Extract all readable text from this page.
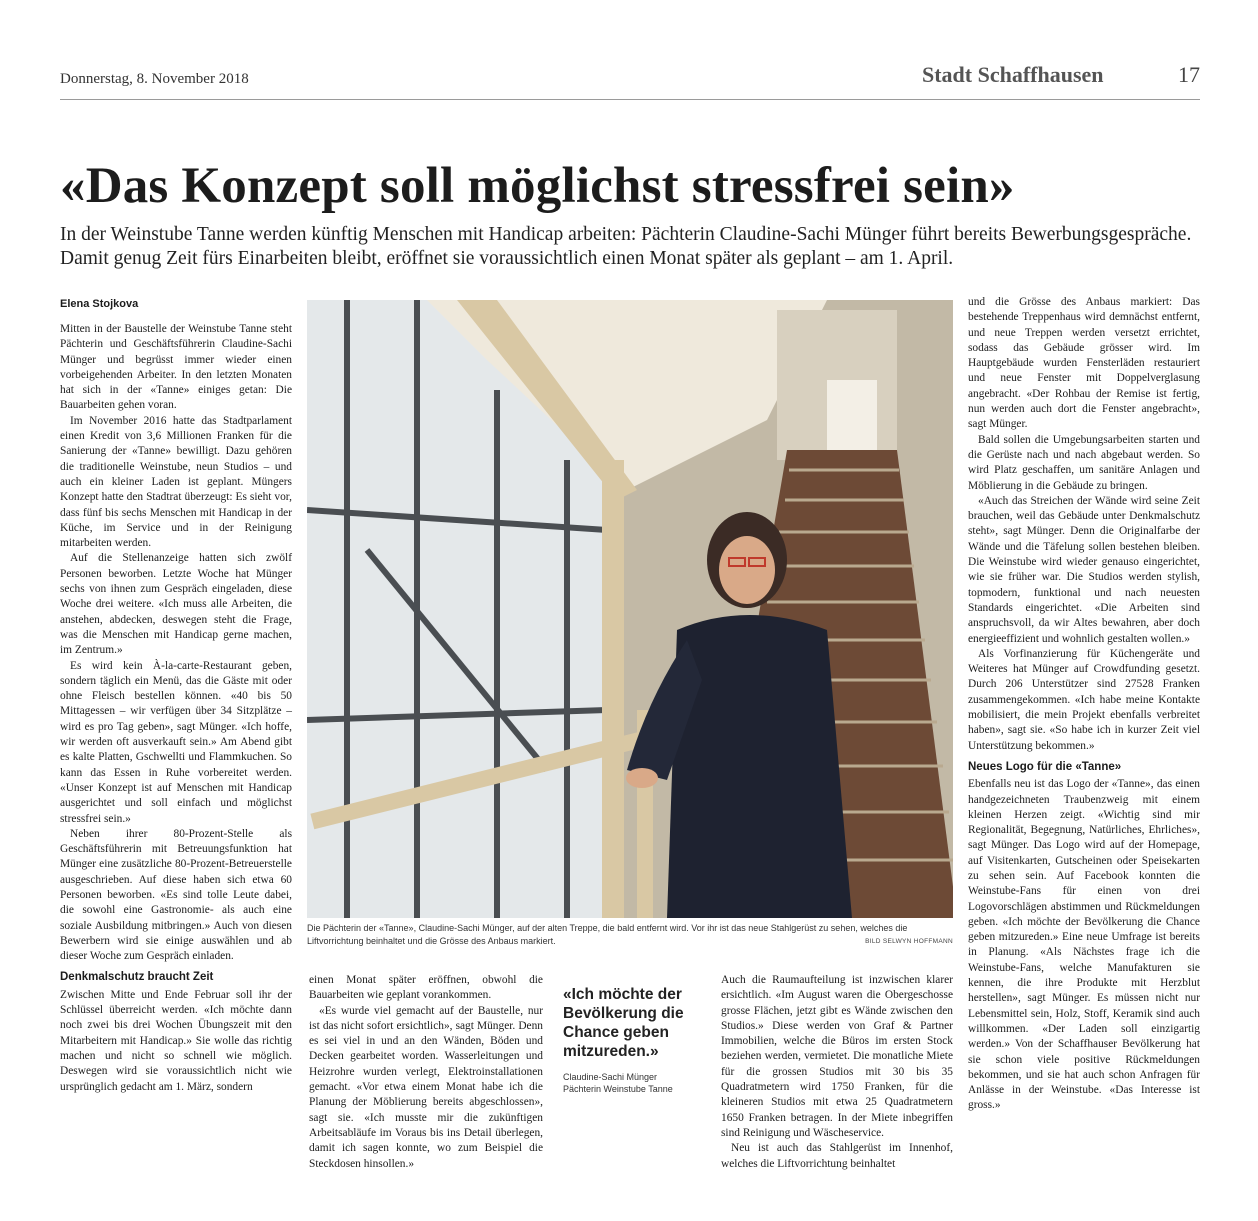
Donnerstag, 8. November 2018	Stadt Schaffhausen	17
«Das Konzept soll möglichst stressfrei sein»
In der Weinstube Tanne werden künftig Menschen mit Handicap arbeiten: Pächterin Claudine-Sachi Münger führt bereits Bewerbungsgespräche. Damit genug Zeit fürs Einarbeiten bleibt, eröffnet sie voraussichtlich einen Monat später als geplant – am 1. April.
Elena Stojkova

Mitten in der Baustelle der Weinstube Tanne steht Pächterin und Geschäftsführerin Claudine-Sachi Münger und begrüsst immer wieder einen vorbeigehenden Arbeiter. In den letzten Monaten hat sich in der «Tanne» einiges getan: Die Bauarbeiten gehen voran.

Im November 2016 hatte das Stadtparlament einen Kredit von 3,6 Millionen Franken für die Sanierung der «Tanne» bewilligt. Dazu gehören die traditionelle Weinstube, neun Studios – und auch ein kleiner Laden ist geplant. Müngers Konzept hatte den Stadtrat überzeugt: Es sieht vor, dass fünf bis sechs Menschen mit Handicap in der Küche, im Service und in der Reinigung mitarbeiten werden.

Auf die Stellenanzeige hatten sich zwölf Personen beworben. Letzte Woche hat Münger sechs von ihnen zum Gespräch eingeladen, diese Woche drei weitere. «Ich muss alle Arbeiten, die anstehen, abdecken, deswegen steht die Frage, was die Menschen mit Handicap gerne machen, im Zentrum.»

Es wird kein À-la-carte-Restaurant geben, sondern täglich ein Menü, das die Gäste mit oder ohne Fleisch bestellen können. «40 bis 50 Mittagessen – wir verfügen über 34 Sitzplätze – wird es pro Tag geben», sagt Münger. «Ich hoffe, wir werden oft ausverkauft sein.» Am Abend gibt es kalte Platten, Gschwellti und Flammkuchen. So kann das Essen in Ruhe vorbereitet werden. «Unser Konzept ist auf Menschen mit Handicap ausgerichtet und soll einfach und möglichst stressfrei sein.»

Neben ihrer 80-Prozent-Stelle als Geschäftsführerin mit Betreuungsfunktion hat Münger eine zusätzliche 80-Prozent-Betreuerstelle ausgeschrieben. Auf diese haben sich etwa 60 Personen beworben. «Es sind tolle Leute dabei, die sowohl eine Gastronomie- als auch eine soziale Ausbildung mitbringen.» Auch von diesen Bewerbern wird sie einige auswählen und ab dieser Woche zum Gespräch einladen.

Denkmalschutz braucht Zeit

Zwischen Mitte und Ende Februar soll ihr der Schlüssel überreicht werden. «Ich möchte dann noch zwei bis drei Wochen Übungszeit mit den Mitarbeitern mit Handicap.» Sie wolle das richtig machen und nicht so schnell wie möglich. Deswegen wird sie voraussichtlich nicht wie ursprünglich gedacht am 1. März, sondern

Die Pächterin der «Tanne», Claudine-Sachi Münger, auf der alten Treppe, die bald entfernt wird. Vor ihr ist das neue Stahlgerüst zu sehen, welches die Liftvorrichtung beinhaltet und die Grösse des Anbaus markiert.	BILD SELWYN HOFFMANN

einen Monat später eröffnen, obwohl die Bauarbeiten wie geplant vorankommen.

«Es wurde viel gemacht auf der Baustelle, nur ist das nicht sofort ersichtlich», sagt Münger. Denn es sei viel in und an den Wänden, Böden und Decken gearbeitet worden. Wasserleitungen und Heizrohre wurden verlegt, Elektroinstallationen gemacht. «Vor etwa einem Monat habe ich die Planung der Möblierung bereits abgeschlossen», sagt sie. «Ich musste mir die zukünftigen Arbeitsabläufe im Voraus bis ins Detail überlegen, damit ich sagen konnte, wo zum Beispiel die Steckdosen hinsollen.»

«Ich möchte der Bevölkerung die Chance geben mitzureden.»
Claudine-Sachi Münger
Pächterin Weinstube Tanne

Auch die Raumaufteilung ist inzwischen klarer ersichtlich. «Im August waren die Obergeschosse grosse Flächen, jetzt gibt es Wände zwischen den Studios.» Diese werden von Graf & Partner Immobilien, welche die Büros im ersten Stock beziehen werden, vermietet. Die monatliche Miete für die grossen Studios mit 30 bis 35 Quadratmetern wird 1750 Franken, für die kleineren Studios mit etwa 25 Quadratmetern 1650 Franken betragen. In der Miete inbegriffen sind Reinigung und Wäscheservice.

Neu ist auch das Stahlgerüst im Innenhof, welches die Liftvorrichtung beinhaltet

und die Grösse des Anbaus markiert: Das bestehende Treppenhaus wird demnächst entfernt, und neue Treppen werden versetzt errichtet, sodass das Gebäude grösser wird. Im Hauptgebäude wurden Fensterläden restauriert und neue Fenster mit Doppelverglasung angebracht. «Der Rohbau der Remise ist fertig, nun werden auch dort die Fenster angebracht», sagt Münger.

Bald sollen die Umgebungsarbeiten starten und die Gerüste nach und nach abgebaut werden. So wird Platz geschaffen, um sanitäre Anlagen und Möblierung in die Gebäude zu bringen.

«Auch das Streichen der Wände wird seine Zeit brauchen, weil das Gebäude unter Denkmalschutz steht», sagt Münger. Denn die Originalfarbe der Wände und die Täfelung sollen bestehen bleiben. Die Weinstube wird wieder genauso eingerichtet, wie sie früher war. Die Studios werden stylish, topmodern, funktional und nach neuesten Standards eingerichtet. «Die Arbeiten sind anspruchsvoll, da wir Altes bewahren, aber doch energieeffizient und wohnlich gestalten wollen.»

Als Vorfinanzierung für Küchengeräte und Weiteres hat Münger auf Crowdfunding gesetzt. Durch 206 Unterstützer sind 27528 Franken zusammengekommen. «Ich habe meine Kontakte mobilisiert, die mein Projekt ebenfalls verbreitet haben», sagt sie. «So habe ich in kurzer Zeit viel Unterstützung bekommen.»

Neues Logo für die «Tanne»

Ebenfalls neu ist das Logo der «Tanne», das einen handgezeichneten Traubenzweig mit einem kleinen Herzen zeigt. «Wichtig sind mir Regionalität, Begegnung, Natürliches, Ehrliches», sagt Münger. Das Logo wird auf der Homepage, auf Visitenkarten, Gutscheinen oder Speisekarten zu sehen sein. Auf Facebook konnten die Weinstube-Fans für einen von drei Logovorschlägen abstimmen und Rückmeldungen geben. «Ich möchte der Bevölkerung die Chance geben mitzureden.» Eine neue Umfrage ist bereits in Planung. «Als Nächstes frage ich die Weinstube-Fans, welche Manufakturen sie kennen, die ihre Produkte mit Herzblut herstellen», sagt Münger. Es müssen nicht nur Lebensmittel sein, Holz, Stoff, Keramik sind auch willkommen. «Der Laden soll einzigartig werden.» Von der Schaffhauser Bevölkerung hat sie schon viele positive Rückmeldungen bekommen, und sie hat auch schon Anfragen für Anlässe in der Weinstube. «Das Interesse ist gross.»
